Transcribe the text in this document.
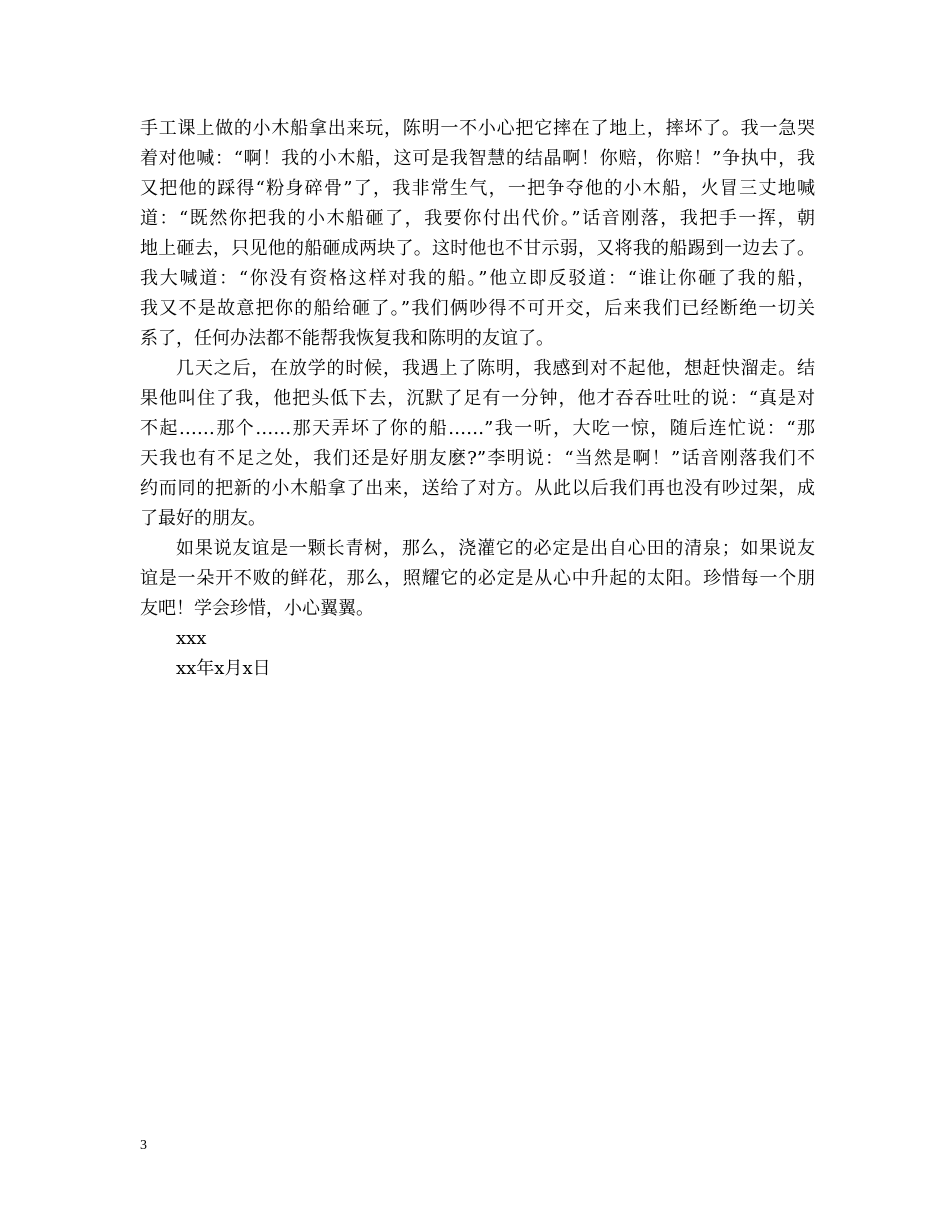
手工课上做的小木船拿出来玩，陈明一不小心把它摔在了地上，摔坏了。我一急哭
着对他喊：“啊！我的小木船，这可是我智慧的结晶啊！你赔，你赔！”争执中，我
又把他的踩得“粉身碎骨”了，我非常生气，一把争夺他的小木船，火冒三丈地喊
道：“既然你把我的小木船砸了，我要你付出代价。”话音刚落，我把手一挥，朝
地上砸去，只见他的船砸成两块了。这时他也不甘示弱，又将我的船踢到一边去了。
我大喊道：“你没有资格这样对我的船。”他立即反驳道：“谁让你砸了我的船，
我又不是故意把你的船给砸了。”我们俩吵得不可开交，后来我们已经断绝一切关
系了，任何办法都不能帮我恢复我和陈明的友谊了。
几天之后，在放学的时候，我遇上了陈明，我感到对不起他，想赶快溜走。结
果他叫住了我，他把头低下去，沉默了足有一分钟，他才吞吞吐吐的说：“真是对
不起……那个……那天弄坏了你的船……”我一听，大吃一惊，随后连忙说：“那
天我也有不足之处，我们还是好朋友麽?”李明说：“当然是啊！”话音刚落我们不
约而同的把新的小木船拿了出来，送给了对方。从此以后我们再也没有吵过架，成
了最好的朋友。
如果说友谊是一颗长青树，那么，浇灌它的必定是出自心田的清泉；如果说友
谊是一朵开不败的鲜花，那么，照耀它的必定是从心中升起的太阳。珍惜每一个朋
友吧！学会珍惜，小心翼翼。
xxx
xx年x月x日
3
